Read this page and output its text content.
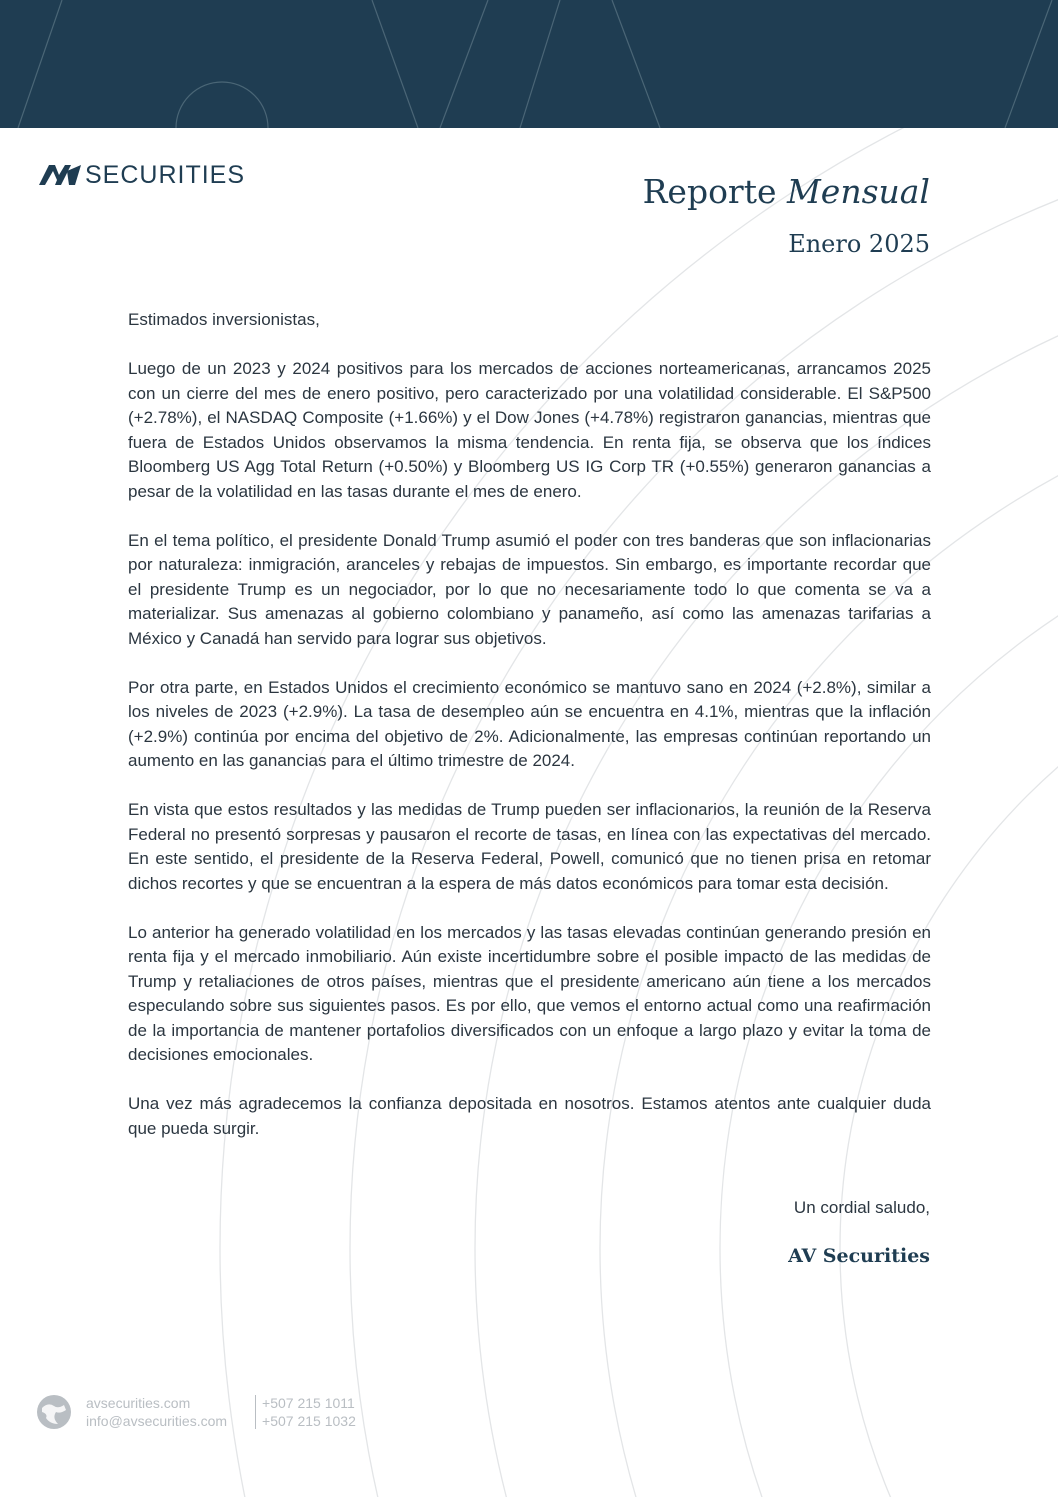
SECURITIES	Reporte Mensual
Enero 2025

Estimados inversionistas,

Luego de un 2023 y 2024 positivos para los mercados de acciones norteamericanas, arrancamos 2025 con un cierre del mes de enero positivo, pero caracterizado por una volatilidad considerable. El S&P500 (+2.78%), el NASDAQ Composite (+1.66%) y el Dow Jones (+4.78%) registraron ganancias, mientras que fuera de Estados Unidos observamos la misma tendencia. En renta fija, se observa que los índices Bloomberg US Agg Total Return (+0.50%) y Bloomberg US IG Corp TR (+0.55%) generaron ganancias a pesar de la volatilidad en las tasas durante el mes de enero.

En el tema político, el presidente Donald Trump asumió el poder con tres banderas que son inflacionarias por naturaleza: inmigración, aranceles y rebajas de impuestos. Sin embargo, es importante recordar que el presidente Trump es un negociador, por lo que no necesariamente todo lo que comenta se va a materializar. Sus amenazas al gobierno colombiano y panameño, así como las amenazas tarifarias a México y Canadá han servido para lograr sus objetivos.

Por otra parte, en Estados Unidos el crecimiento económico se mantuvo sano en 2024 (+2.8%), similar a los niveles de 2023 (+2.9%). La tasa de desempleo aún se encuentra en 4.1%, mientras que la inflación (+2.9%) continúa por encima del objetivo de 2%. Adicionalmente, las empresas continúan reportando un aumento en las ganancias para el último trimestre de 2024.

En vista que estos resultados y las medidas de Trump pueden ser inflacionarios, la reunión de la Reserva Federal no presentó sorpresas y pausaron el recorte de tasas, en línea con las expectativas del mercado. En este sentido, el presidente de la Reserva Federal, Powell, comunicó que no tienen prisa en retomar dichos recortes y que se encuentran a la espera de más datos económicos para tomar esta decisión.

Lo anterior ha generado volatilidad en los mercados y las tasas elevadas continúan generando presión en renta fija y el mercado inmobiliario. Aún existe incertidumbre sobre el posible impacto de las medidas de Trump y retaliaciones de otros países, mientras que el presidente americano aún tiene a los mercados especulando sobre sus siguientes pasos. Es por ello, que vemos el entorno actual como una reafirmación de la importancia de mantener portafolios diversificados con un enfoque a largo plazo y evitar la toma de decisiones emocionales.

Una vez más agradecemos la confianza depositada en nosotros. Estamos atentos ante cualquier duda que pueda surgir.

Un cordial saludo,
AV Securities
avsecurities.com
info@avsecurities.com
+507 215 1011
+507 215 1032
